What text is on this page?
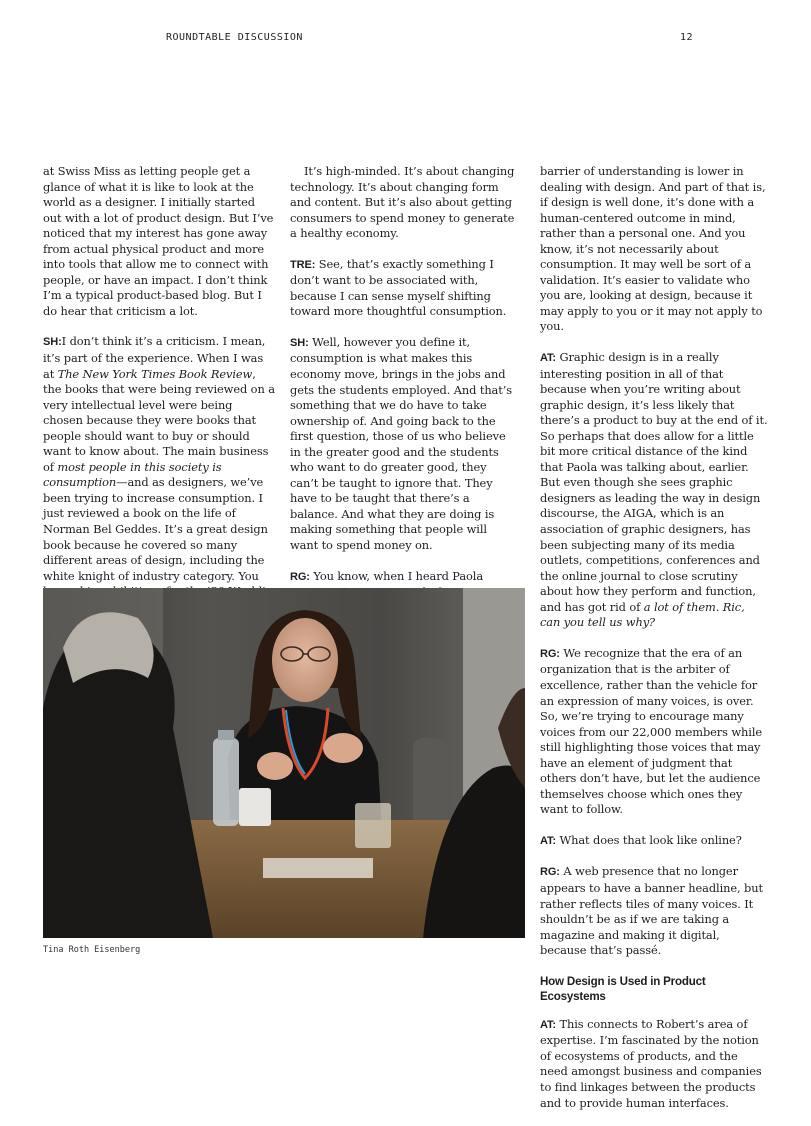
ROUNDTABLE DISCUSSION	12

at Swiss Miss as letting people get a glance of what it is like to look at the world as a designer. I initially started out with a lot of product design. But I’ve noticed that my interest has gone away from actual physical product and more into tools that allow me to connect with people, or have an impact. I don’t think I’m a typical product-based blog. But I do hear that criticism a lot.

SH:I don’t think it’s a criticism. I mean, it’s part of the experience. When I was at The New York Times Book Review, the books that were being reviewed on a very intellectual level were being chosen because they were books that people should want to buy or should want to know about. The main business of most people in this society is consumption—and as designers, we’ve been trying to increase consumption. I just reviewed a book on the life of Norman Bel Geddes. It’s a great design book because he covered so many different areas of design, including the white knight of industry category. You

It’s high-minded. It’s about changing technology. It’s about changing form and content. But it’s also about getting consumers to spend money to generate a healthy economy.

TRE: See, that’s exactly something I don’t want to be associated with, because I can sense myself shifting toward more thoughtful consumption.

SH: Well, however you define it, consumption is what makes this economy move, brings in the jobs and gets the students employed. And that’s something that we do have to take ownership of. And going back to the first question, those of us who believe in the greater good and the students who want to do greater good, they can’t be taught to ignore that. They have to be taught that there’s a balance. And what they are doing is making something that people will want to spend money on.

RG: You know, when I heard Paola

barrier of understanding is lower in dealing with design. And part of that is, if design is well done, it’s done with a human-centered outcome in mind, rather than a personal one. And you know, it’s not necessarily about consumption. It may well be sort of a validation. It’s easier to validate who you are, looking at design, because it may apply to you or it may not apply to you.

AT: Graphic design is in a really interesting position in all of that because when you’re writing about graphic design, it’s less likely that there’s a product to buy at the end of it. So perhaps that does allow for a little bit more critical distance of the kind that Paola was talking about, earlier. But even though she sees graphic designers as leading the way in design discourse, the AIGA, which is an association of graphic designers, has been subjecting many of its media outlets, competitions, conferences and the online journal to close scrutiny about how they perform and function, and has got rid of a lot of them. Ric, can you tell us why?

RG: We recognize that the era of an organization that is the arbiter of excellence, rather than the vehicle for an expression of many voices, is over. So, we’re trying to encourage many voices from our 22,000 members while still highlighting those voices that may have an element of judgment that others don’t have, but let the audience themselves choose which ones they want to follow.

AT: What does that look like online?

RG: A web presence that no longer appears to have a banner headline, but rather reflects tiles of many voices. It shouldn’t be as if we are taking a magazine and making it digital, because that’s passé.

How Design is Used in Product Ecosystems

AT: This connects to Robert’s area of expertise. I’m fascinated by the notion of ecosystems of products, and the need amongst business and companies to find linkages between the products and to provide human interfaces.

Tina Roth Eisenberg
